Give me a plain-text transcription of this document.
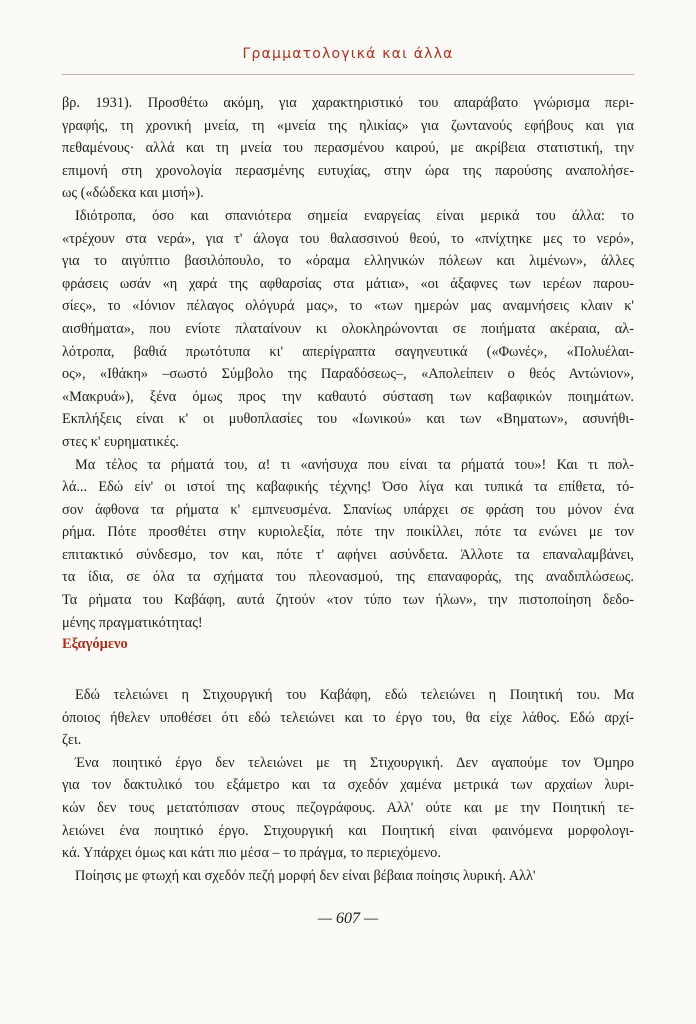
Γραμματολογικά και άλλα
βρ. 1931). Προσθέτω ακόμη, για χαρακτηριστικό του απαράβατο γνώρισμα περι-
γραφής, τη χρονική μνεία, τη «μνεία της ηλικίας» για ζωντανούς εφήβους και για
πεθαμένους· αλλά και τη μνεία του περασμένου καιρού, με ακρίβεια στατιστική, την
επιμονή στη χρονολογία περασμένης ευτυχίας, στην ώρα της παρούσης αναπολήσε-
ως («δώδεκα και μισή»).
Ιδιότροπα, όσο και σπανιότερα σημεία εναργείας είναι μερικά του άλλα: το
«τρέχουν στα νερά», για τ' άλογα του θαλασσινού θεού, το «πνίχτηκε μες το νερό»,
για το αιγύπτιο βασιλόπουλο, το «όραμα ελληνικών πόλεων και λιμένων», άλλες
φράσεις ωσάν «η χαρά της αφθαρσίας στα μάτια», «οι άξαφνες των ιερέων παρου-
σίες», το «Ιόνιον πέλαγος ολόγυρά μας», το «των ημερών μας αναμνήσεις κλαιν κ'
αισθήματα», που ενίοτε πλαταίνουν κι ολοκληρώνονται σε ποιήματα ακέραια, αλ-
λότροπα, βαθιά πρωτότυπα κι' απερίγραπτα σαγηνευτικά («Φωνές», «Πολυέλαι-
ος», «Ιθάκη» –σωστό Σύμβολο της Παραδόσεως–, «Απολείπειν ο θεός Αντώνιον»,
«Μακρυά»), ξένα όμως προς την καθαυτό σύσταση των καβαφικών ποιημάτων.
Εκπλήξεις είναι κ' οι μυθοπλασίες του «Ιωνικού» και των «Βηματων», ασυνήθι-
στες κ' ευρηματικές.
Μα τέλος τα ρήματά του, α! τι «ανήσυχα που είναι τα ρήματά του»! Και τι πολ-
λά... Εδώ είν' οι ιστοί της καβαφικής τέχνης! Όσο λίγα και τυπικά τα επίθετα, τό-
σον άφθονα τα ρήματα κ' εμπνευσμένα. Σπανίως υπάρχει σε φράση του μόνον ένα
ρήμα. Πότε προσθέτει στην κυριολεξία, πότε την ποικίλλει, πότε τα ενώνει με τον
επιτακτικό σύνδεσμο, τον και, πότε τ' αφήνει ασύνδετα. Άλλοτε τα επαναλαμβάνει,
τα ίδια, σε όλα τα σχήματα του πλεονασμού, της επαναφοράς, της αναδιπλώσεως.
Τα ρήματα του Καβάφη, αυτά ζητούν «τον τύπο των ήλων», την πιστοποίηση δεδο-
μένης πραγματικότητας!
Εξαγόμενο
Εδώ τελειώνει η Στιχουργική του Καβάφη, εδώ τελειώνει η Ποιητική του. Μα
όποιος ήθελεν υποθέσει ότι εδώ τελειώνει και το έργο του, θα είχε λάθος. Εδώ αρχί-
ζει.
Ένα ποιητικό έργο δεν τελειώνει με τη Στιχουργική. Δεν αγαπούμε τον Όμηρο
για τον δακτυλικό του εξάμετρο και τα σχεδόν χαμένα μετρικά των αρχαίων λυρι-
κών δεν τους μετατόπισαν στους πεζογράφους. Αλλ' ούτε και με την Ποιητική τε-
λειώνει ένα ποιητικό έργο. Στιχουργική και Ποιητική είναι φαινόμενα μορφολογι-
κά. Υπάρχει όμως και κάτι πιο μέσα – το πράγμα, το περιεχόμενο.
Ποίησις με φτωχή και σχεδόν πεζή μορφή δεν είναι βέβαια ποίησις λυρική. Αλλ'
— 607 —
